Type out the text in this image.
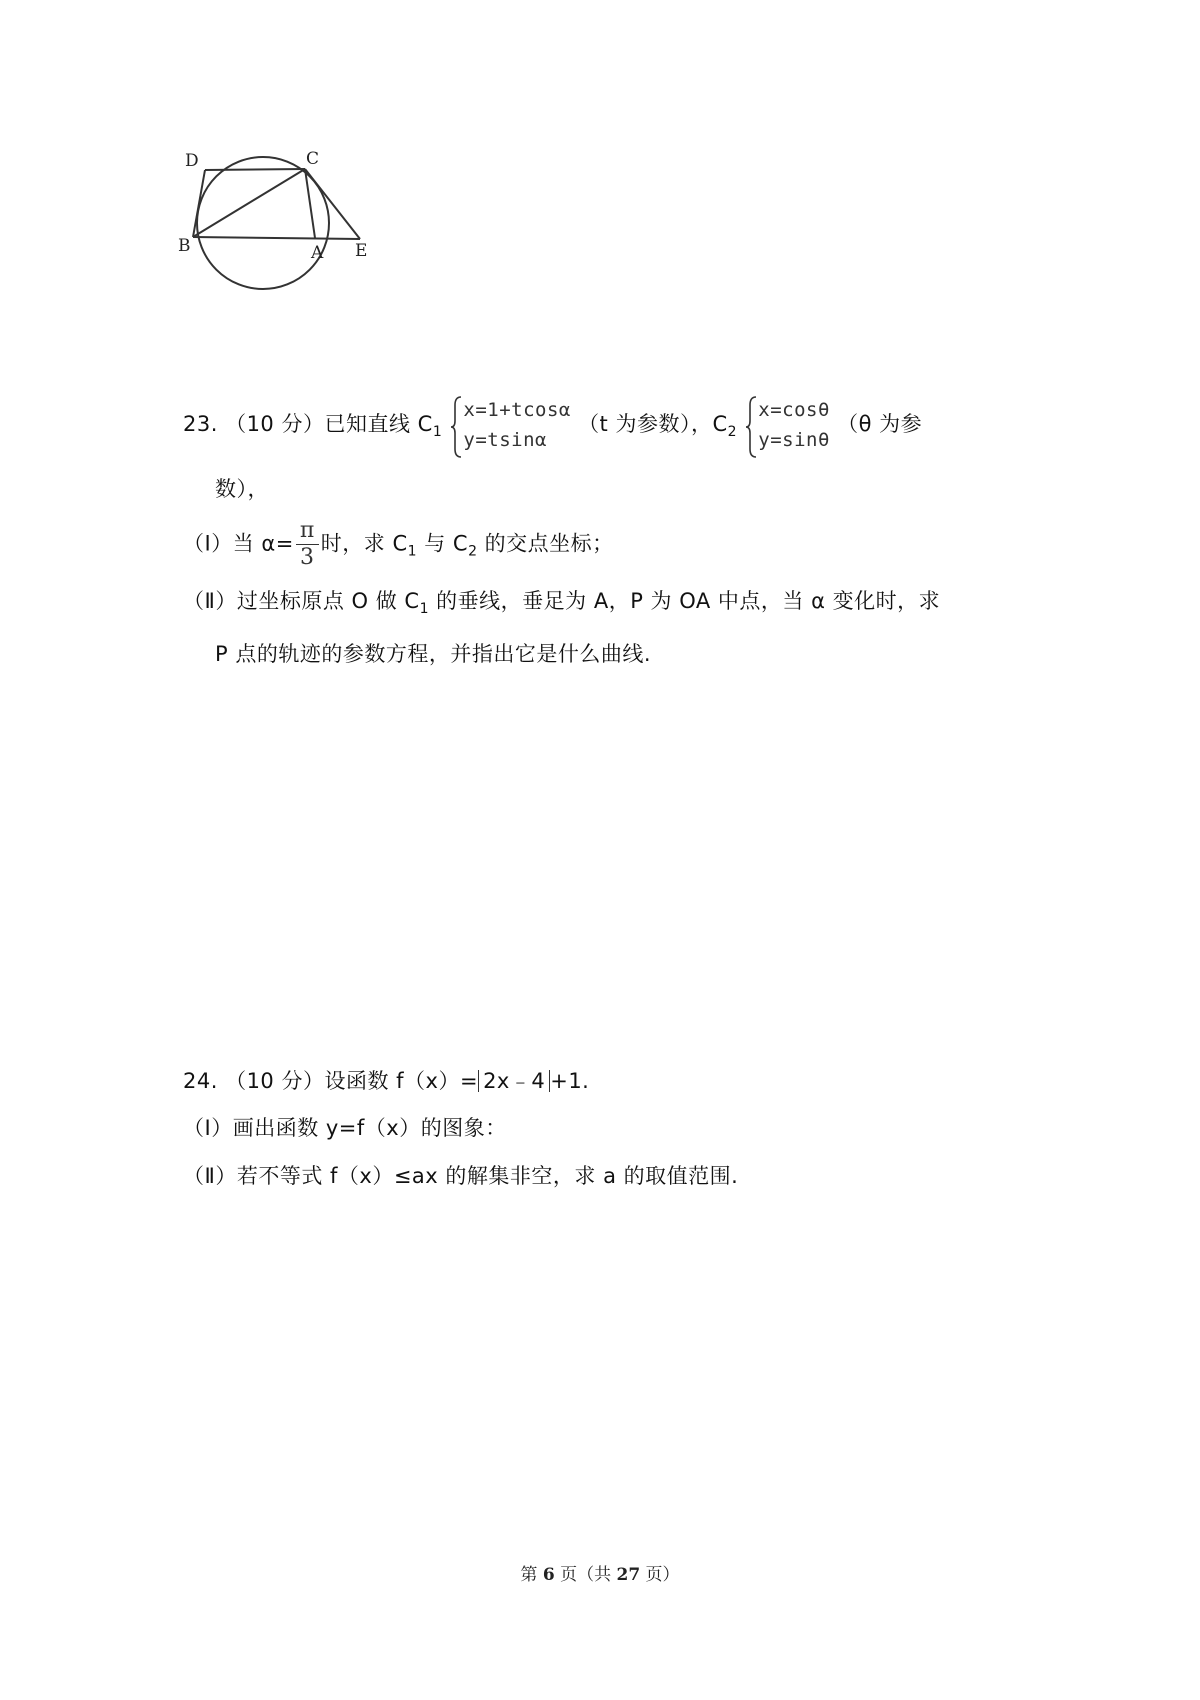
D	C
B	A E
23. （10 分）已知直线 $C_1$
x=1+tcosα
y=tsinα
（t 为参数），$C_2$
x=cosθ
y=sinθ
（θ 为参
数），
（Ⅰ）当 $\alpha= \frac{\pi}{3}$ 时，求 $C_1$ 与 $C_2$ 的交点坐标；
（Ⅱ）过坐标原点 O 做 $C_1$ 的垂线，垂足为 A，P 为 OA 中点，当 α 变化时，求
P 点的轨迹的参数方程，并指出它是什么曲线.
24. （10 分）设函数 f（x）= 2x﹣4 +1.
（Ⅰ）画出函数 y=f（x）的图象：
（Ⅱ）若不等式 f（x）≤ax 的解集非空，求 a 的取值范围.
第 6 页（共 27 页）
